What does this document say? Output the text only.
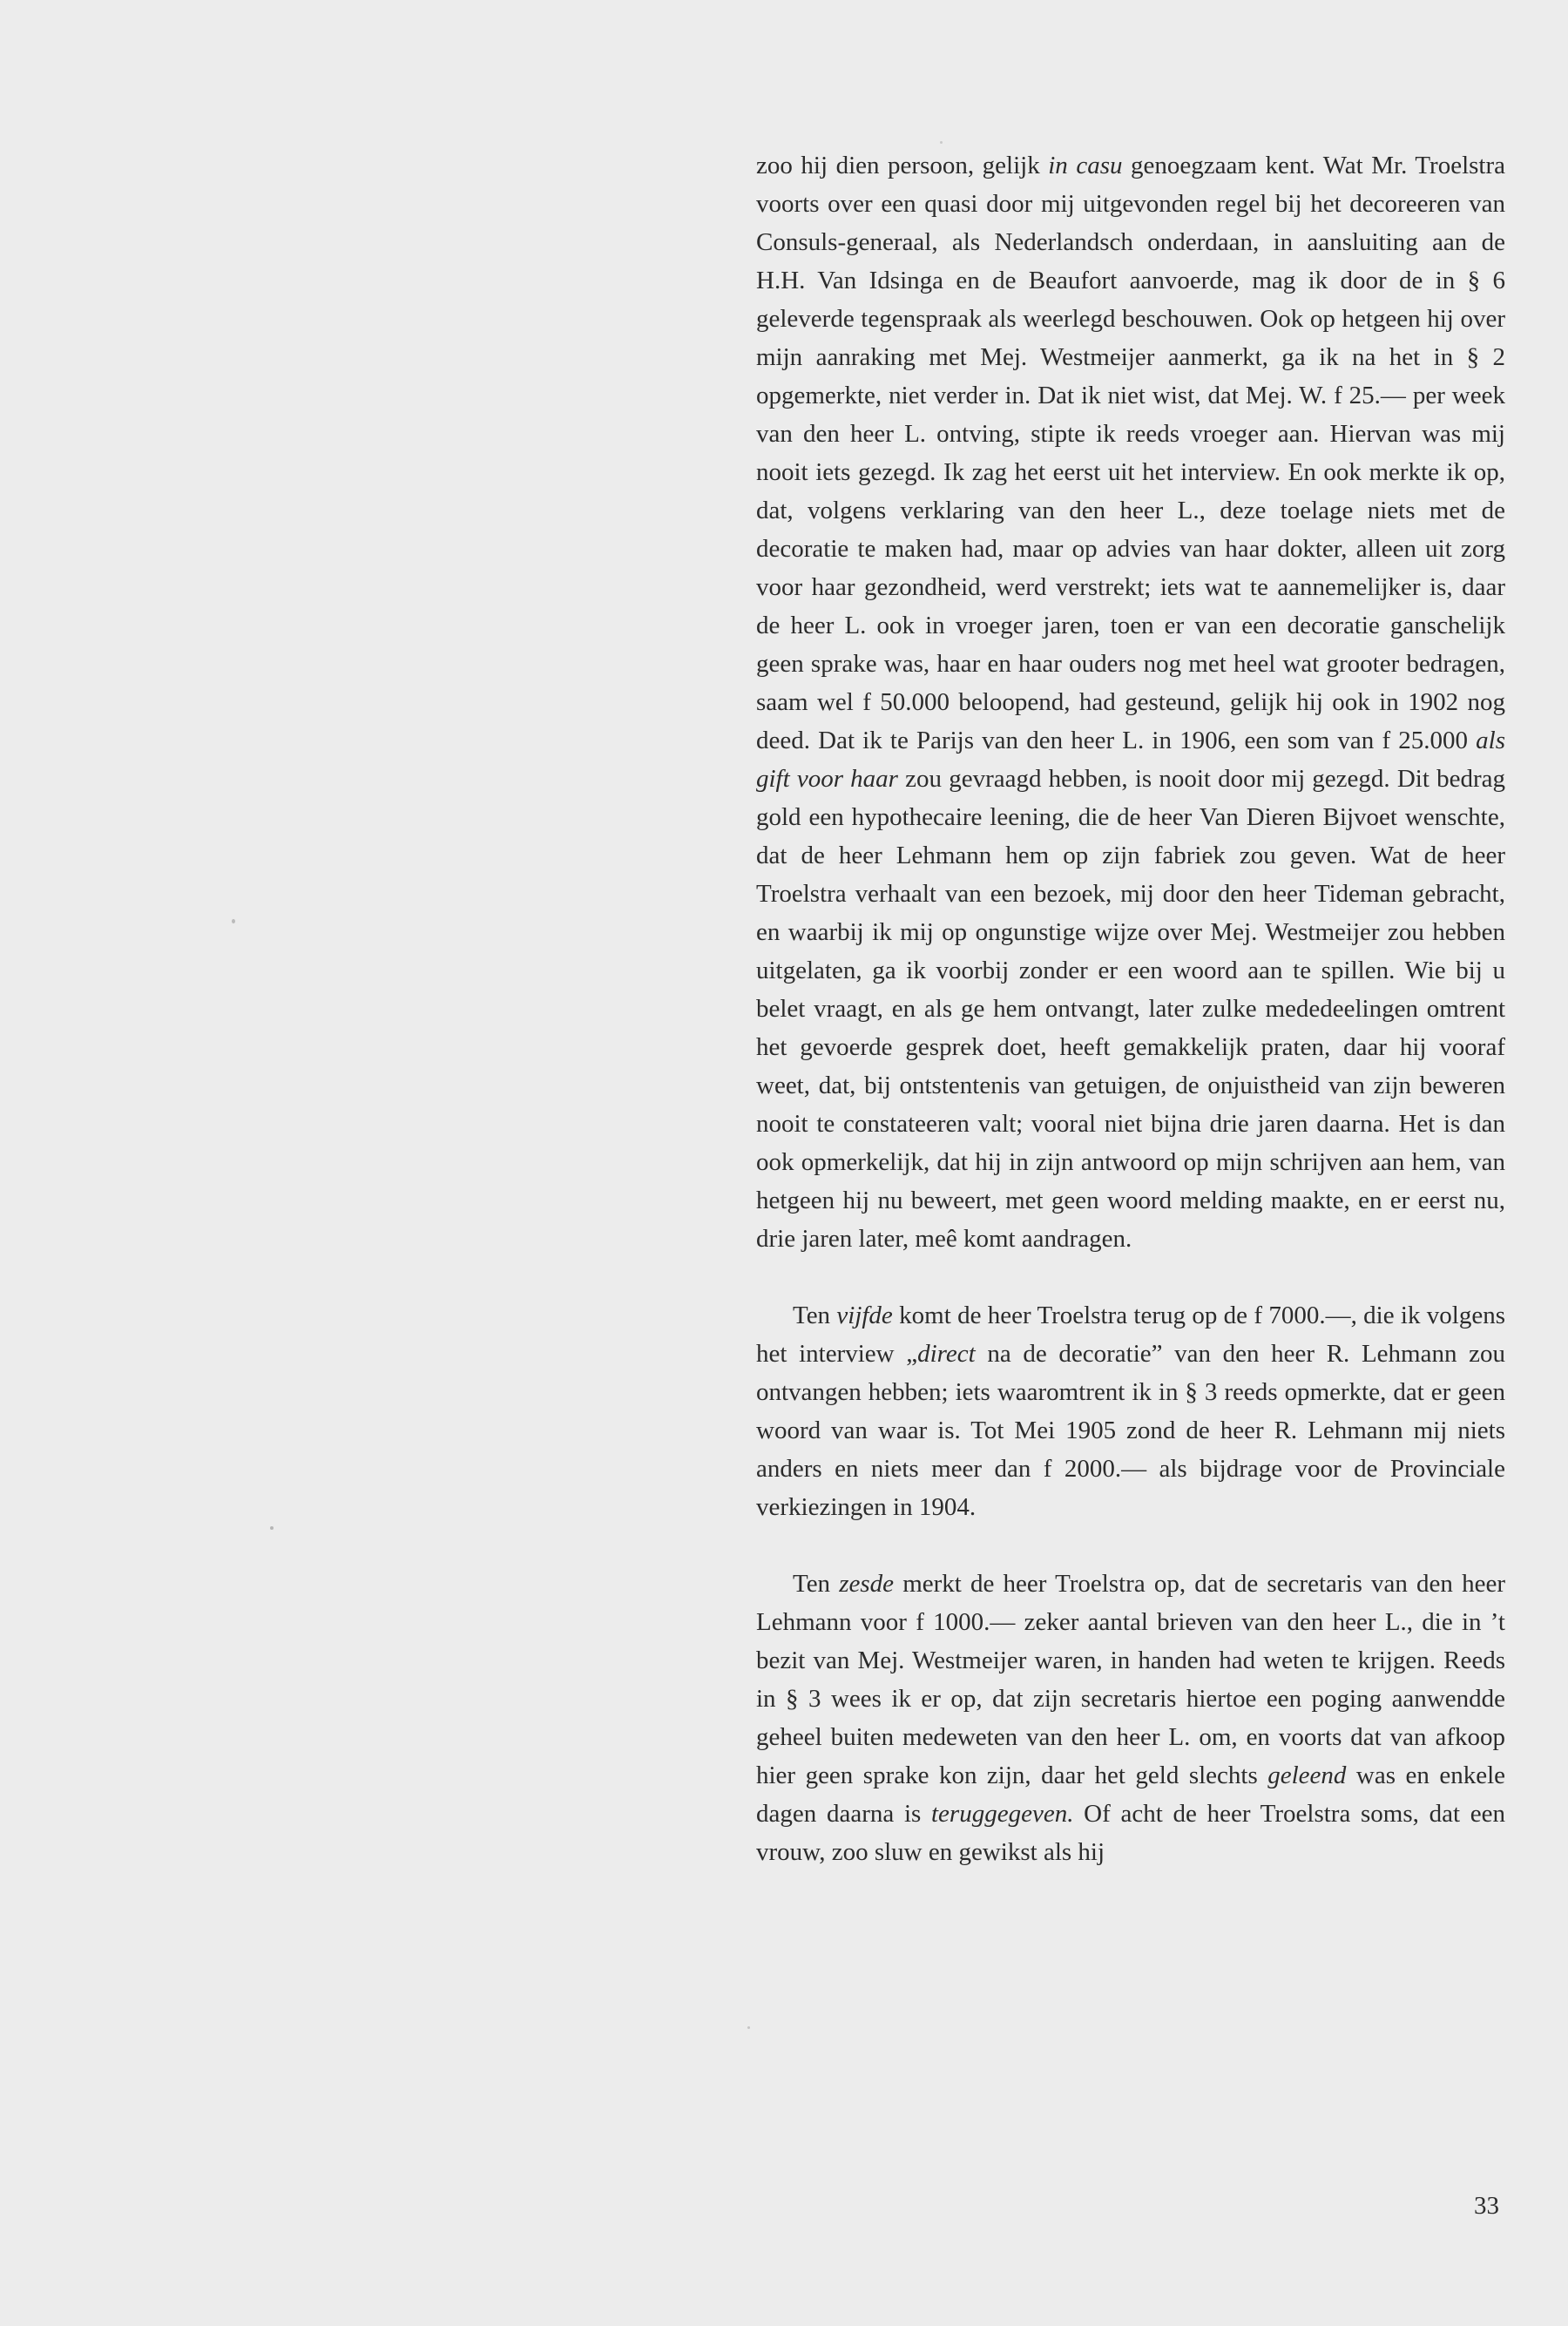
zoo hij dien persoon, gelijk in casu genoegzaam kent. Wat Mr. Troelstra voorts over een quasi door mij uitgevonden regel bij het decoreeren van Consuls-generaal, als Nederlandsch onderdaan, in aansluiting aan de H.H. Van Idsinga en de Beaufort aanvoerde, mag ik door de in § 6 geleverde tegenspraak als weerlegd beschouwen. Ook op hetgeen hij over mijn aanraking met Mej. Westmeijer aanmerkt, ga ik na het in § 2 opgemerkte, niet verder in. Dat ik niet wist, dat Mej. W. f 25.— per week van den heer L. ontving, stipte ik reeds vroeger aan. Hiervan was mij nooit iets gezegd. Ik zag het eerst uit het interview. En ook merkte ik op, dat, volgens verklaring van den heer L., deze toelage niets met de decoratie te maken had, maar op advies van haar dokter, alleen uit zorg voor haar gezondheid, werd verstrekt; iets wat te aannemelijker is, daar de heer L. ook in vroeger jaren, toen er van een decoratie ganschelijk geen sprake was, haar en haar ouders nog met heel wat grooter bedragen, saam wel f 50.000 beloopend, had gesteund, gelijk hij ook in 1902 nog deed. Dat ik te Parijs van den heer L. in 1906, een som van f 25.000 als gift voor haar zou gevraagd hebben, is nooit door mij gezegd. Dit bedrag gold een hypothecaire leening, die de heer Van Dieren Bijvoet wenschte, dat de heer Lehmann hem op zijn fabriek zou geven. Wat de heer Troelstra verhaalt van een bezoek, mij door den heer Tideman gebracht, en waarbij ik mij op ongunstige wijze over Mej. Westmeijer zou hebben uitgelaten, ga ik voorbij zonder er een woord aan te spillen. Wie bij u belet vraagt, en als ge hem ontvangt, later zulke mededeelingen omtrent het gevoerde gesprek doet, heeft gemakkelijk praten, daar hij vooraf weet, dat, bij ontstentenis van getuigen, de onjuistheid van zijn beweren nooit te constateeren valt; vooral niet bijna drie jaren daarna. Het is dan ook opmerkelijk, dat hij in zijn antwoord op mijn schrijven aan hem, van hetgeen hij nu beweert, met geen woord melding maakte, en er eerst nu, drie jaren later, meê komt aandragen.

Ten vijfde komt de heer Troelstra terug op de f 7000.—, die ik volgens het interview „direct na de decoratie” van den heer R. Lehmann zou ontvangen hebben; iets waaromtrent ik in § 3 reeds opmerkte, dat er geen woord van waar is. Tot Mei 1905 zond de heer R. Lehmann mij niets anders en niets meer dan f 2000.— als bijdrage voor de Provinciale verkiezingen in 1904.

Ten zesde merkt de heer Troelstra op, dat de secretaris van den heer Lehmann voor f 1000.— zeker aantal brieven van den heer L., die in ’t bezit van Mej. Westmeijer waren, in handen had weten te krijgen. Reeds in § 3 wees ik er op, dat zijn secretaris hiertoe een poging aanwendde geheel buiten medeweten van den heer L. om, en voorts dat van afkoop hier geen sprake kon zijn, daar het geld slechts geleend was en enkele dagen daarna is teruggegeven. Of acht de heer Troelstra soms, dat een vrouw, zoo sluw en gewikst als hij

33
